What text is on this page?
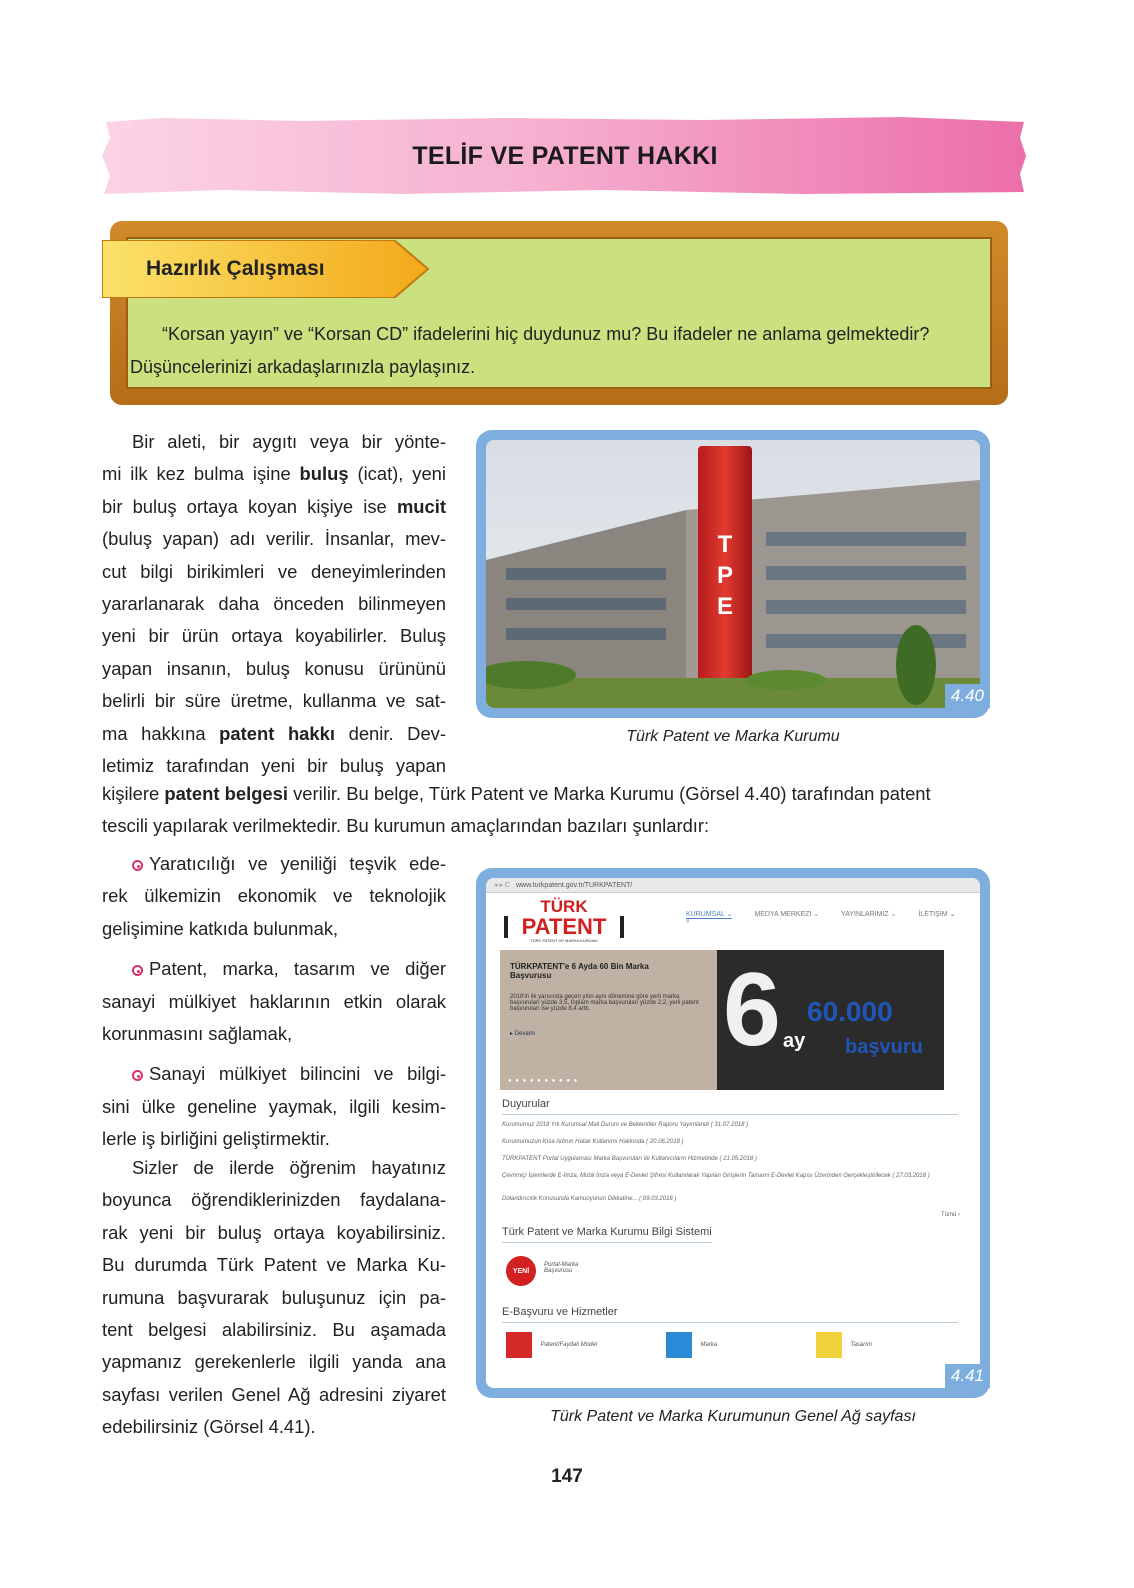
TELİF VE PATENT HAKKI
Hazırlık Çalışması
“Korsan yayın” ve “Korsan CD” ifadelerini hiç duydunuz mu? Bu ifadeler ne anlama gelmektedir? Düşüncelerinizi arkadaşlarınızla paylaşınız.
Bir aleti, bir aygıtı veya bir yönte-
mi ilk kez bulma işine buluş (icat), yeni
bir buluş ortaya koyan kişiye ise mucit
(buluş yapan) adı verilir. İnsanlar, mev-
cut bilgi birikimleri ve deneyimlerinden
yararlanarak daha önceden bilinmeyen
yeni bir ürün ortaya koyabilirler. Buluş
yapan insanın, buluş konusu ürününü
belirli bir süre üretme, kullanma ve sat-
ma hakkına patent hakkı denir. Dev-
letimiz tarafından yeni bir buluş yapan
T
P
E
4.40
Türk Patent ve Marka Kurumu
kişilere patent belgesi verilir. Bu belge, Türk Patent ve Marka Kurumu (Görsel 4.40) tarafından patent
tescili yapılarak verilmektedir. Bu kurumun amaçlarından bazıları şunlardır:
Yaratıcılığı ve yeniliği teşvik ede-
rek ülkemizin ekonomik ve teknolojik
gelişimine katkıda bulunmak,
Patent, marka, tasarım ve diğer
sanayi mülkiyet haklarının etkin olarak
korunmasını sağlamak,
Sanayi mülkiyet bilincini ve bilgi-
sini ülke geneline yaymak, ilgili kesim-
lerle iş birliğini geliştirmektir.
Sizler de ilerde öğrenim hayatınız
boyunca öğrendiklerinizden faydalana-
rak yeni bir buluş ortaya koyabilirsiniz.
Bu durumda Türk Patent ve Marka Ku-
rumuna başvurarak buluşunuz için pa-
tent belgesi alabilirsiniz. Bu aşamada
yapmanız gerekenlerle ilgili yanda ana
sayfası verilen Genel Ağ adresini ziyaret
edebilirsiniz (Görsel 4.41).
◂ ▸ C www.turkpatent.gov.tr/TURKPATENT/
TÜRK
PATENT
TÜRK PATENT VE MARKA KURUMU
KURUMSAL ⌄	MEDYA MERKEZİ ⌄	YAYINLARIMIZ ⌄	İLETİŞİM ⌄ ⌕
TÜRKPATENT'e 6 Ayda 60 Bin Marka Başvurusu
2018'in ilk yarısında geçen yılın aynı dönemine göre yerli marka başvuruları yüzde 3,5, toplam marka başvuruları yüzde 2,2, yerli patent başvuruları ise yüzde 8,4 arttı.
▸ Devamı
● ● ● ● ● ● ● ● ● ●
6 ay
60.000
başvuru
Duyurular
Kurumumuz 2018 Yılı Kurumsal Mali Durum ve Beklentiler Raporu Yayımlandı ( 31.07.2018 )
Kurumumuzun Kısa Adının Hatalı Kullanımı Hakkında ( 20.06.2018 )
TÜRKPATENT Portal Uygulaması Marka Başvuruları ile Kullanıcıların Hizmetinde ( 21.05.2018 )
Çevrimiçi İşlemlerde E-İmza, Mobil İmza veya E-Devlet Şifresi Kullanılarak Yapılan Girişlerin Tamamı E-Devlet Kapısı Üzerinden Gerçekleştirilecek ( 27.03.2018 )
Dolandırıcılık Konusunda Kamuoyunun Dikkatine... ( 09.03.2018 )
Tümü ›
Türk Patent ve Marka Kurumu Bilgi Sistemi
YENİ
Portal-Marka Başvurusu
E-Başvuru ve Hizmetler
Patent/Faydalı Model	Marka	Tasarım
4.41
Türk Patent ve Marka Kurumunun Genel Ağ sayfası
147
